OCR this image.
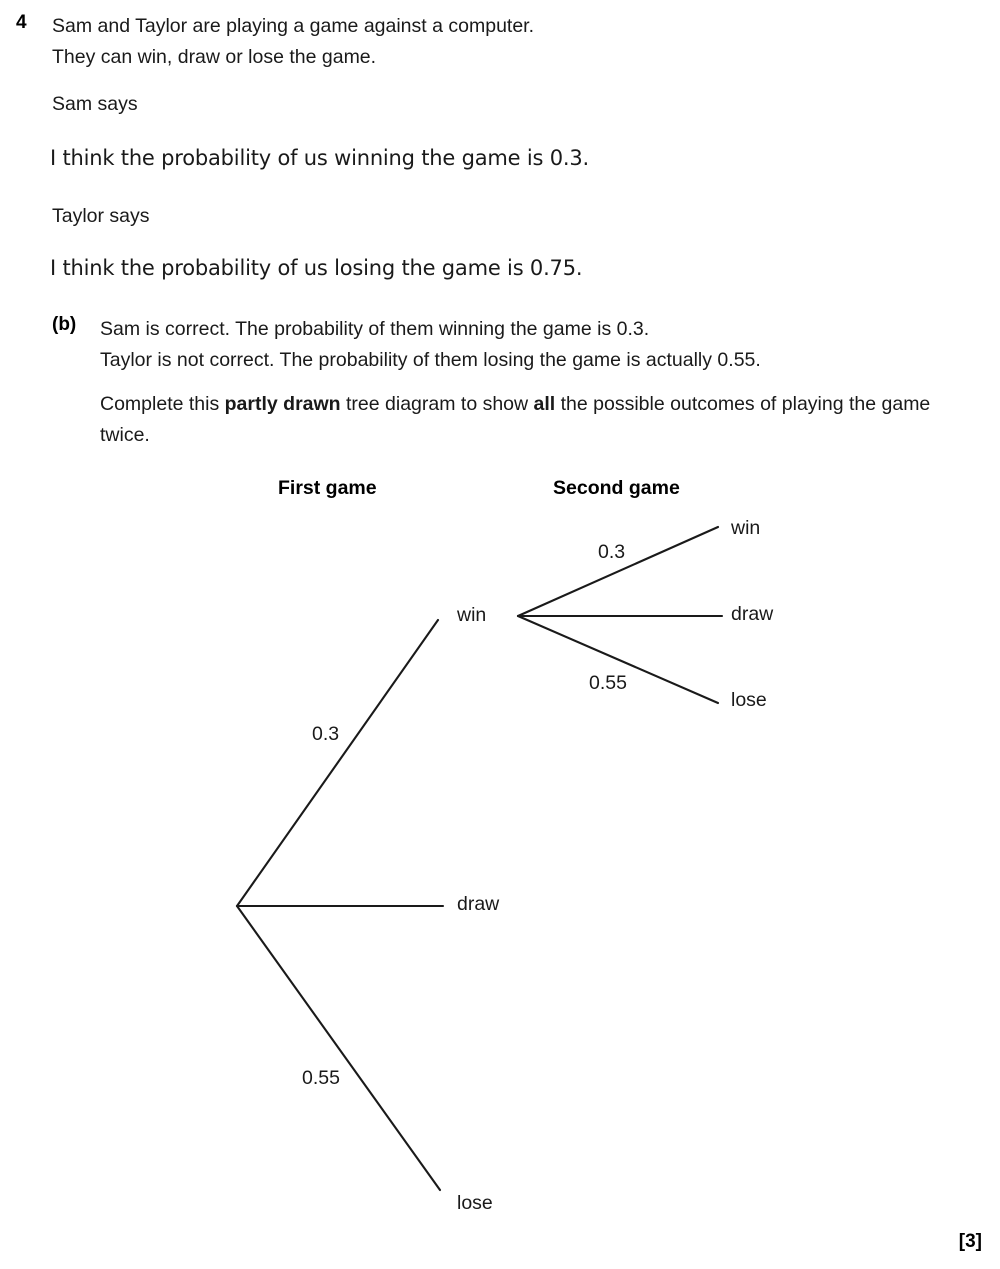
4 Sam and Taylor are playing a game against a computer.
They can win, draw or lose the game.
Sam says
I think the probability of us winning the game is 0.3.
Taylor says
I think the probability of us losing the game is 0.75.
(b) Sam is correct. The probability of them winning the game is 0.3.
Taylor is not correct. The probability of them losing the game is actually 0.55.
Complete this partly drawn tree diagram to show all the possible outcomes of playing the game twice.
First game	Second game
win
draw
lose
0.3
0.55
win
draw
lose
0.3
0.55
[3]
